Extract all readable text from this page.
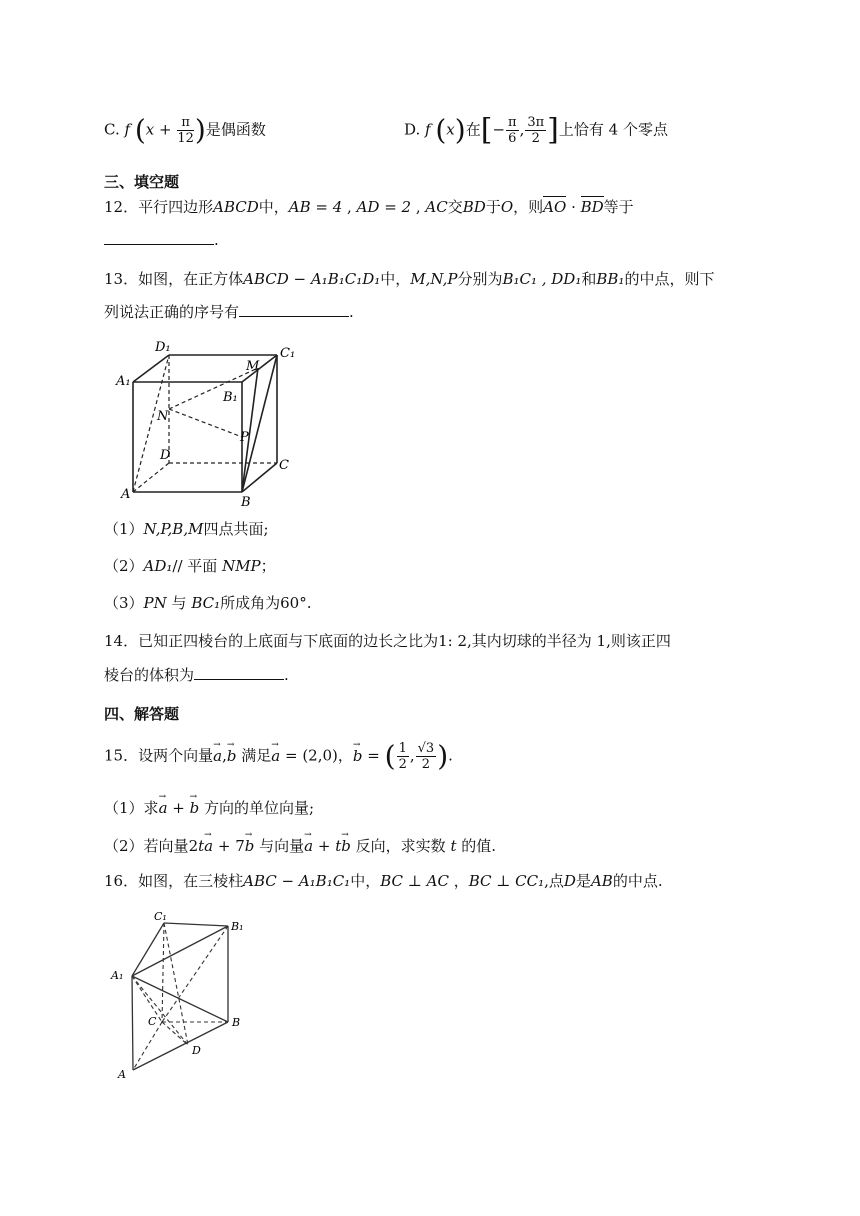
C. f ($x + \frac{\pi}{12}$ )是偶函数	D. f (x)在[− $\frac{\pi}{6}$ , $\frac{3\pi}{2}$ ]上恰有 4 个零点
三、填空题
12．平行四边形ABCD中，AB = 4 , AD = 2 , AC交BD于O，则AO · BD等于
.
13．如图，在正方体ABCD − A₁B₁C₁D₁中，M,N,P分别为B₁C₁ , DD₁和BB₁的中点，则下
列说法正确的序号有	.
D₁	C₁
A₁
B₁
M
N
P
D
C
A
B
（1）N,P,B,M四点共面;
（2）AD₁// 平面 NMP；
（3）PN 与 BC₁所成角为60°.
14．已知正四棱台的上底面与下底面的边长之比为1: 2,其内切球的半径为 1,则该正四
棱台的体积为	.
四、解答题
15．设两个向量→ a,→ b 满足→ a = (2,0)，→ b = ( $\frac{1}{2}$ , $\frac{√3}{2}$ ).
（1）求→ a + → b 方向的单位向量;
（2）若向量2t→ a + 7→ b 与向量→ a + t→ b 反向，求实数 t 的值.
16．如图，在三棱柱ABC − A₁B₁C₁中，BC ⊥ AC ，BC ⊥ CC₁,点D是AB的中点.
C₁
B₁
A₁
C	B
D
A
